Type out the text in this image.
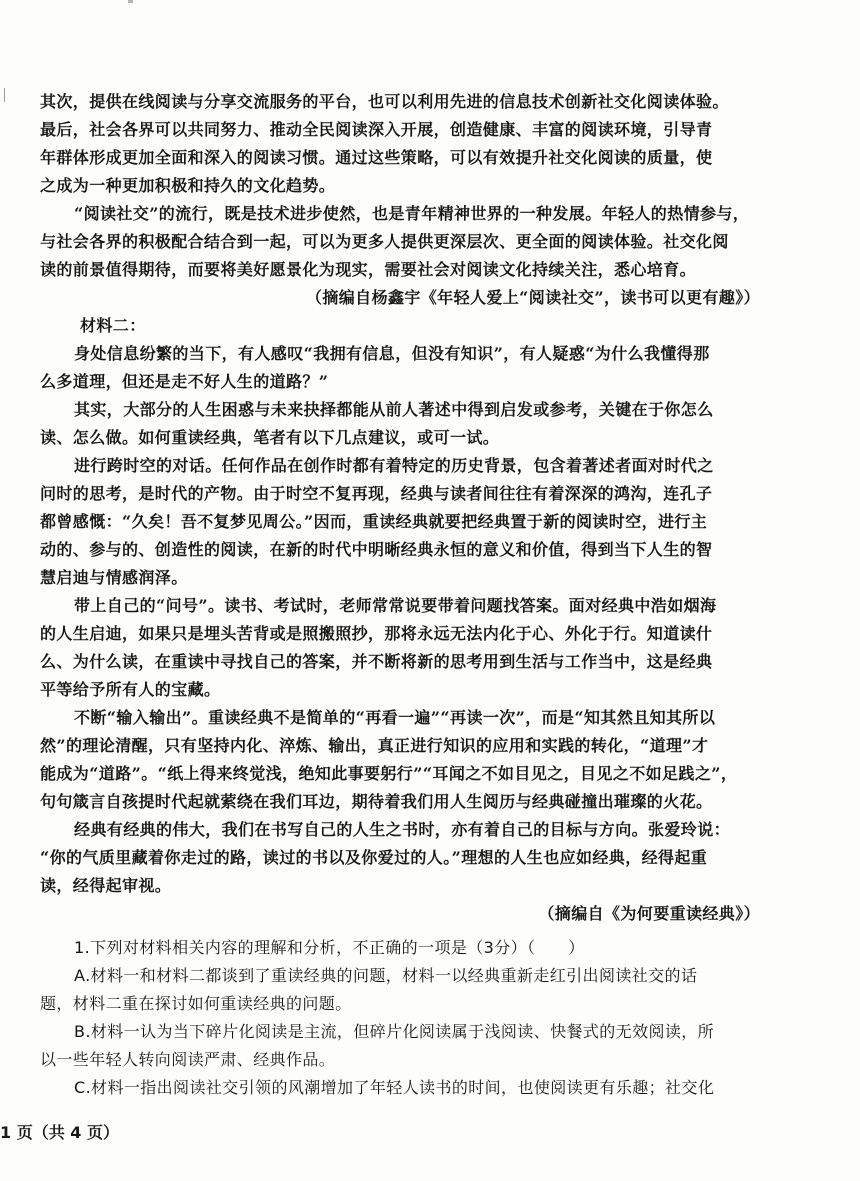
其次，提供在线阅读与分享交流服务的平台，也可以利用先进的信息技术创新社交化阅读体验。
最后，社会各界可以共同努力、推动全民阅读深入开展，创造健康、丰富的阅读环境，引导青
年群体形成更加全面和深入的阅读习惯。通过这些策略，可以有效提升社交化阅读的质量，使
之成为一种更加积极和持久的文化趋势。
“阅读社交”的流行，既是技术进步使然，也是青年精神世界的一种发展。年轻人的热情参与，
与社会各界的积极配合结合到一起，可以为更多人提供更深层次、更全面的阅读体验。社交化阅
读的前景值得期待，而要将美好愿景化为现实，需要社会对阅读文化持续关注，悉心培育。
（摘编自杨鑫宇《年轻人爱上“阅读社交”，读书可以更有趣》）
材料二：
身处信息纷繁的当下，有人感叹“我拥有信息，但没有知识”，有人疑惑“为什么我懂得那
么多道理，但还是走不好人生的道路？”
其实，大部分的人生困惑与未来抉择都能从前人著述中得到启发或参考，关键在于你怎么
读、怎么做。如何重读经典，笔者有以下几点建议，或可一试。
进行跨时空的对话。任何作品在创作时都有着特定的历史背景，包含着著述者面对时代之
问时的思考，是时代的产物。由于时空不复再现，经典与读者间往往有着深深的鸿沟，连孔子
都曾感慨：“久矣！吾不复梦见周公。”因而，重读经典就要把经典置于新的阅读时空，进行主
动的、参与的、创造性的阅读，在新的时代中明晰经典永恒的意义和价值，得到当下人生的智
慧启迪与情感润泽。
带上自己的“问号”。读书、考试时，老师常常说要带着问题找答案。面对经典中浩如烟海
的人生启迪，如果只是埋头苦背或是照搬照抄，那将永远无法内化于心、外化于行。知道读什
么、为什么读，在重读中寻找自己的答案，并不断将新的思考用到生活与工作当中，这是经典
平等给予所有人的宝藏。
不断“输入输出”。重读经典不是简单的“再看一遍”“再读一次”，而是“知其然且知其所以
然”的理论清醒，只有坚持内化、淬炼、输出，真正进行知识的应用和实践的转化，“道理”才
能成为“道路”。“纸上得来终觉浅，绝知此事要躬行”“耳闻之不如目见之，目见之不如足践之”，
句句箴言自孩提时代起就萦绕在我们耳边，期待着我们用人生阅历与经典碰撞出璀璨的火花。
经典有经典的伟大，我们在书写自己的人生之书时，亦有着自己的目标与方向。张爱玲说：
“你的气质里藏着你走过的路，读过的书以及你爱过的人。”理想的人生也应如经典，经得起重
读，经得起审视。
（摘编自《为何要重读经典》）
1.下列对材料相关内容的理解和分析，不正确的一项是（3分）（　　）
A.材料一和材料二都谈到了重读经典的问题，材料一以经典重新走红引出阅读社交的话
题，材料二重在探讨如何重读经典的问题。
B.材料一认为当下碎片化阅读是主流，但碎片化阅读属于浅阅读、快餐式的无效阅读，所
以一些年轻人转向阅读严肃、经典作品。
C.材料一指出阅读社交引领的风潮增加了年轻人读书的时间，也使阅读更有乐趣；社交化
1 页（共 4 页）
